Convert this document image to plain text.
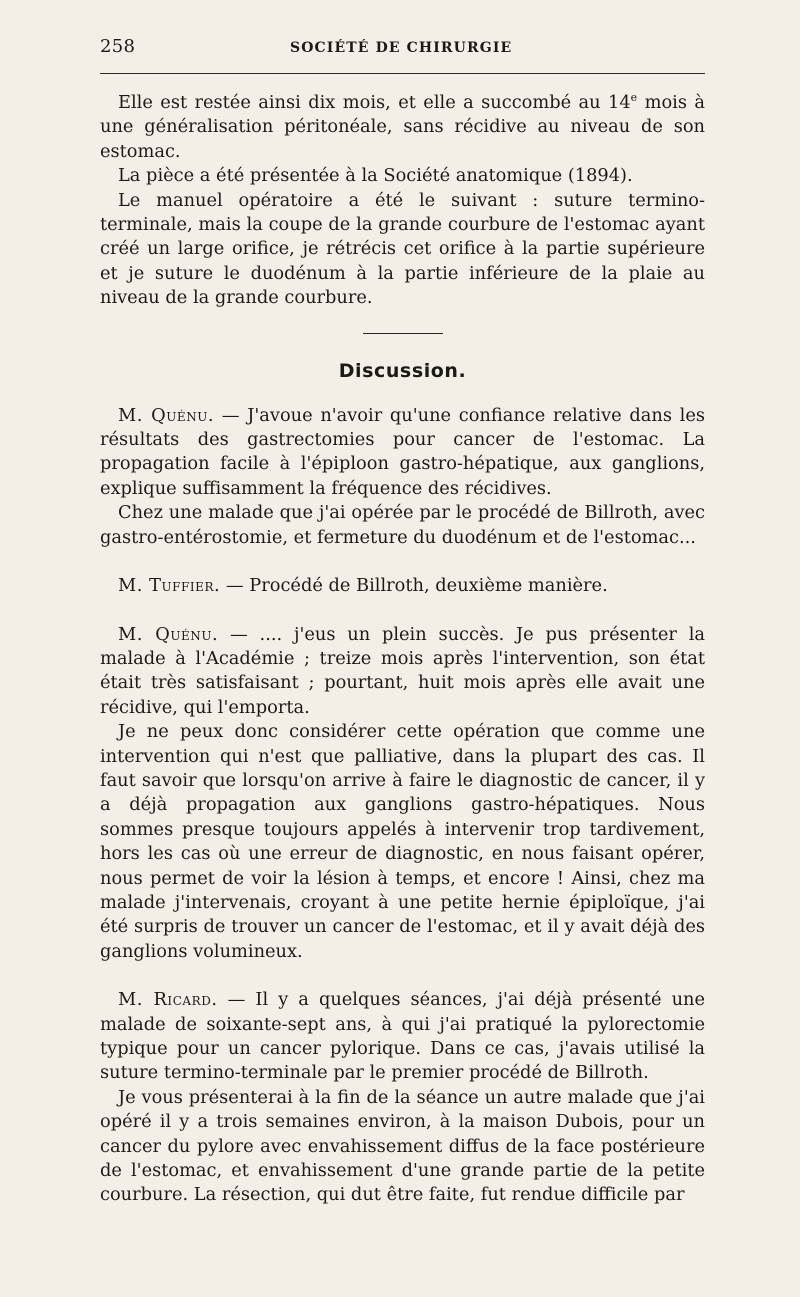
258	SOCIÉTÉ DE CHIRURGIE

Elle est restée ainsi dix mois, et elle a succombé au 14e mois à une généralisation péritonéale, sans récidive au niveau de son estomac.

La pièce a été présentée à la Société anatomique (1894).

Le manuel opératoire a été le suivant : suture termino-terminale, mais la coupe de la grande courbure de l'estomac ayant créé un large orifice, je rétrécis cet orifice à la partie supérieure et je suture le duodénum à la partie inférieure de la plaie au niveau de la grande courbure.

Discussion.

M. Quénu. — J'avoue n'avoir qu'une confiance relative dans les résultats des gastrectomies pour cancer de l'estomac. La propagation facile à l'épiploon gastro-hépatique, aux ganglions, explique suffisamment la fréquence des récidives.

Chez une malade que j'ai opérée par le procédé de Billroth, avec gastro-entérostomie, et fermeture du duodénum et de l'estomac...

M. Tuffier. — Procédé de Billroth, deuxième manière.

M. Quénu. — .... j'eus un plein succès. Je pus présenter la malade à l'Académie ; treize mois après l'intervention, son état était très satisfaisant ; pourtant, huit mois après elle avait une récidive, qui l'emporta.

Je ne peux donc considérer cette opération que comme une intervention qui n'est que palliative, dans la plupart des cas. Il faut savoir que lorsqu'on arrive à faire le diagnostic de cancer, il y a déjà propagation aux ganglions gastro-hépatiques. Nous sommes presque toujours appelés à intervenir trop tardivement, hors les cas où une erreur de diagnostic, en nous faisant opérer, nous permet de voir la lésion à temps, et encore ! Ainsi, chez ma malade j'intervenais, croyant à une petite hernie épiploïque, j'ai été surpris de trouver un cancer de l'estomac, et il y avait déjà des ganglions volumineux.

M. Ricard. — Il y a quelques séances, j'ai déjà présenté une malade de soixante-sept ans, à qui j'ai pratiqué la pylorectomie typique pour un cancer pylorique. Dans ce cas, j'avais utilisé la suture termino-terminale par le premier procédé de Billroth.

Je vous présenterai à la fin de la séance un autre malade que j'ai opéré il y a trois semaines environ, à la maison Dubois, pour un cancer du pylore avec envahissement diffus de la face postérieure de l'estomac, et envahissement d'une grande partie de la petite courbure. La résection, qui dut être faite, fut rendue difficile par
